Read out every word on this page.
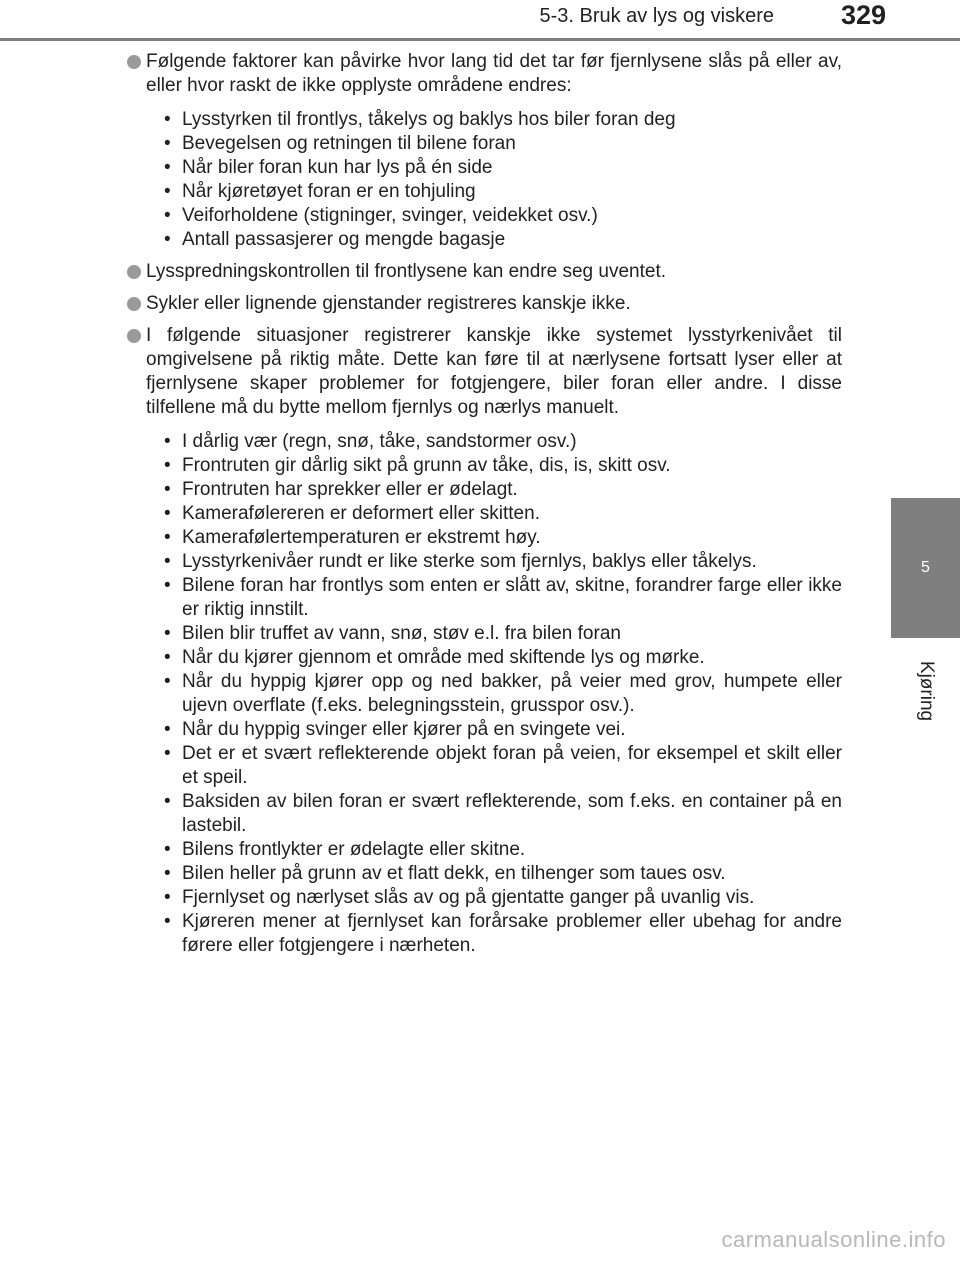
5-3. Bruk av lys og viskere 329
5
Kjøring
Følgende faktorer kan påvirke hvor lang tid det tar før fjernlysene slås på eller av, eller hvor raskt de ikke opplyste områdene endres:
• Lysstyrken til frontlys, tåkelys og baklys hos biler foran deg
• Bevegelsen og retningen til bilene foran
• Når biler foran kun har lys på én side
• Når kjøretøyet foran er en tohjuling
• Veiforholdene (stigninger, svinger, veidekket osv.)
• Antall passasjerer og mengde bagasje
Lysspredningskontrollen til frontlysene kan endre seg uventet.
Sykler eller lignende gjenstander registreres kanskje ikke.
I følgende situasjoner registrerer kanskje ikke systemet lysstyrkenivået til omgivelsene på riktig måte. Dette kan føre til at nærlysene fortsatt lyser eller at fjernlysene skaper problemer for fotgjengere, biler foran eller andre. I disse tilfellene må du bytte mellom fjernlys og nærlys manuelt.
• I dårlig vær (regn, snø, tåke, sandstormer osv.)
• Frontruten gir dårlig sikt på grunn av tåke, dis, is, skitt osv.
• Frontruten har sprekker eller er ødelagt.
• Kamerafølereren er deformert eller skitten.
• Kamerafølertemperaturen er ekstremt høy.
• Lysstyrkenivåer rundt er like sterke som fjernlys, baklys eller tåkelys.
• Bilene foran har frontlys som enten er slått av, skitne, forandrer farge eller ikke er riktig innstilt.
• Bilen blir truffet av vann, snø, støv e.l. fra bilen foran
• Når du kjører gjennom et område med skiftende lys og mørke.
• Når du hyppig kjører opp og ned bakker, på veier med grov, humpete eller ujevn overflate (f.eks. belegningsstein, grusspor osv.).
• Når du hyppig svinger eller kjører på en svingete vei.
• Det er et svært reflekterende objekt foran på veien, for eksempel et skilt eller et speil.
• Baksiden av bilen foran er svært reflekterende, som f.eks. en container på en lastebil.
• Bilens frontlykter er ødelagte eller skitne.
• Bilen heller på grunn av et flatt dekk, en tilhenger som taues osv.
• Fjernlyset og nærlyset slås av og på gjentatte ganger på uvanlig vis.
• Kjøreren mener at fjernlyset kan forårsake problemer eller ubehag for andre førere eller fotgjengere i nærheten.
carmanualsonline.info
